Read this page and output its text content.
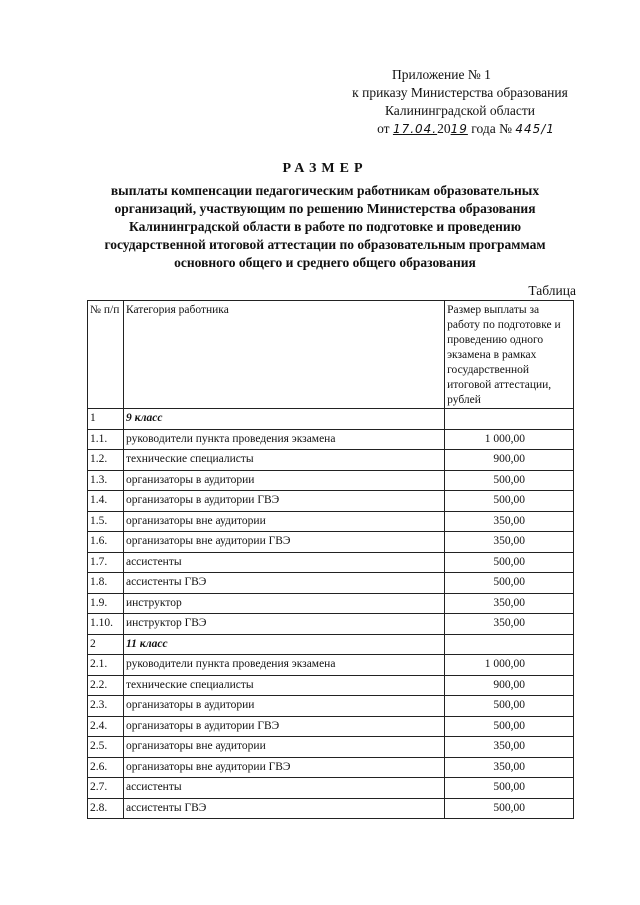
Приложение № 1
к приказу Министерства образования
Калининградской области
от 17.04.2019 года № 445/1
РАЗМЕР
выплаты компенсации педагогическим работникам образовательных
организаций, участвующим по решению Министерства образования
Калининградской области в работе по подготовке и проведению
государственной итоговой аттестации по образовательным программам
основного общего и среднего общего образования
Таблица
№ п/п	Категория работника	Размер выплаты за работу по подготовке и проведению одного экзамена в рамках государственной итоговой аттестации, рублей
1	9 класс	
1.1.	руководители пункта проведения экзамена	1 000,00
1.2.	технические специалисты	900,00
1.3.	организаторы в аудитории	500,00
1.4.	организаторы в аудитории ГВЭ	500,00
1.5.	организаторы вне аудитории	350,00
1.6.	организаторы вне аудитории ГВЭ	350,00
1.7.	ассистенты	500,00
1.8.	ассистенты ГВЭ	500,00
1.9.	инструктор	350,00
1.10.	инструктор ГВЭ	350,00
2	11 класс	
2.1.	руководители пункта проведения экзамена	1 000,00
2.2.	технические специалисты	900,00
2.3.	организаторы в аудитории	500,00
2.4.	организаторы в аудитории ГВЭ	500,00
2.5.	организаторы вне аудитории	350,00
2.6.	организаторы вне аудитории ГВЭ	350,00
2.7.	ассистенты	500,00
2.8.	ассистенты ГВЭ	500,00
